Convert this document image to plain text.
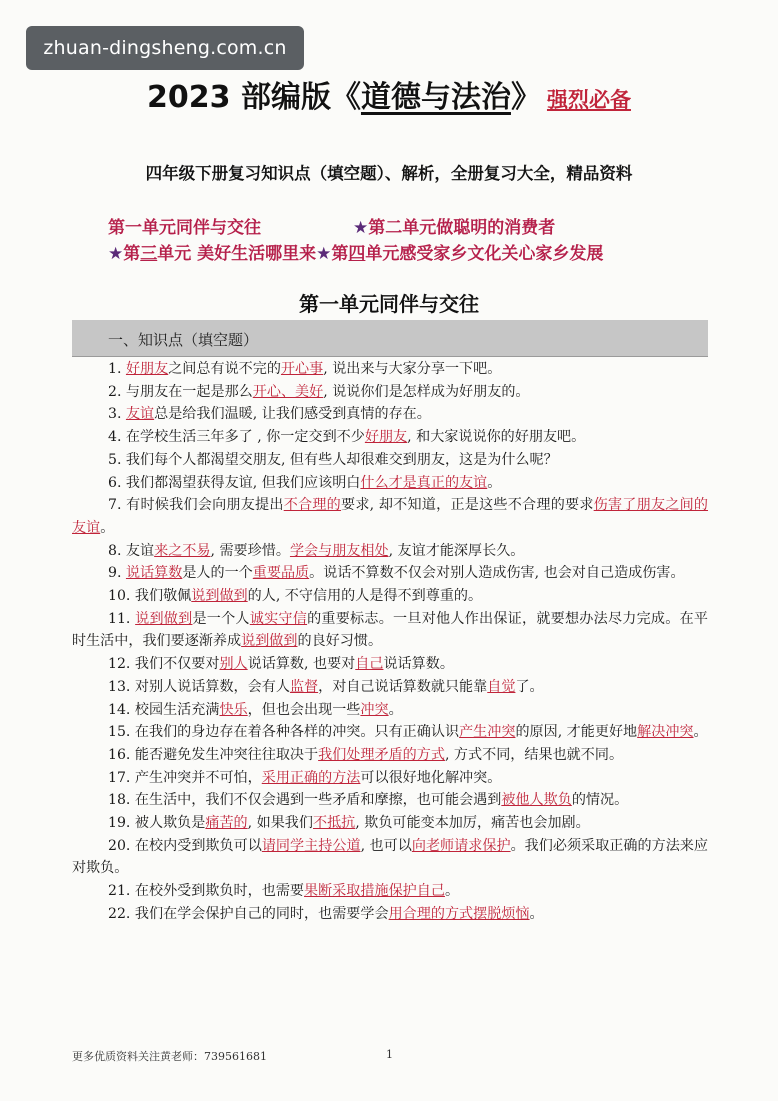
zhuan-dingsheng.com.cn
2023 部编版《道德与法治》 强烈必备
四年级下册复习知识点（填空题）、解析，全册复习大全，精品资料
第一单元同伴与交往	★第二单元做聪明的消费者
★第三单元 美好生活哪里来★第四单元感受家乡文化关心家乡发展
第一单元同伴与交往
一、知识点（填空题）

1. 好朋友之间总有说不完的开心事, 说出来与大家分享一下吧。

2. 与朋友在一起是那么开心、美好, 说说你们是怎样成为好朋友的。

3. 友谊总是给我们温暖, 让我们感受到真情的存在。

4. 在学校生活三年多了 , 你一定交到不少好朋友, 和大家说说你的好朋友吧。

5. 我们每个人都渴望交朋友, 但有些人却很难交到朋友，这是为什么呢？

6. 我们都渴望获得友谊, 但我们应该明白什么才是真正的友谊。

7. 有时候我们会向朋友提出不合理的要求, 却不知道，正是这些不合理的要求伤害了朋友之间的友谊。

8. 友谊来之不易, 需要珍惜。学会与朋友相处, 友谊才能深厚长久。

9. 说话算数是人的一个重要品质。说话不算数不仅会对别人造成伤害, 也会对自己造成伤害。

10. 我们敬佩说到做到的人, 不守信用的人是得不到尊重的。

11. 说到做到是一个人诚实守信的重要标志。一旦对他人作出保证，就要想办法尽力完成。在平时生活中，我们要逐渐养成说到做到的良好习惯。

12. 我们不仅要对别人说话算数, 也要对自己说话算数。

13. 对别人说话算数，会有人监督，对自己说话算数就只能靠自觉了。

14. 校园生活充满快乐，但也会出现一些冲突。

15. 在我们的身边存在着各种各样的冲突。只有正确认识产生冲突的原因, 才能更好地解决冲突。

16. 能否避免发生冲突往往取决于我们处理矛盾的方式, 方式不同，结果也就不同。

17. 产生冲突并不可怕，采用正确的方法可以很好地化解冲突。

18. 在生活中，我们不仅会遇到一些矛盾和摩擦，也可能会遇到被他人欺负的情况。

19. 被人欺负是痛苦的, 如果我们不抵抗, 欺负可能变本加厉，痛苦也会加剧。

20. 在校内受到欺负可以请同学主持公道, 也可以向老师请求保护。我们必须采取正确的方法来应对欺负。

21. 在校外受到欺负时，也需要果断采取措施保护自己。

22. 我们在学会保护自己的同时，也需要学会用合理的方式摆脱烦恼。

更多优质资料关注黄老师：739561681	1
